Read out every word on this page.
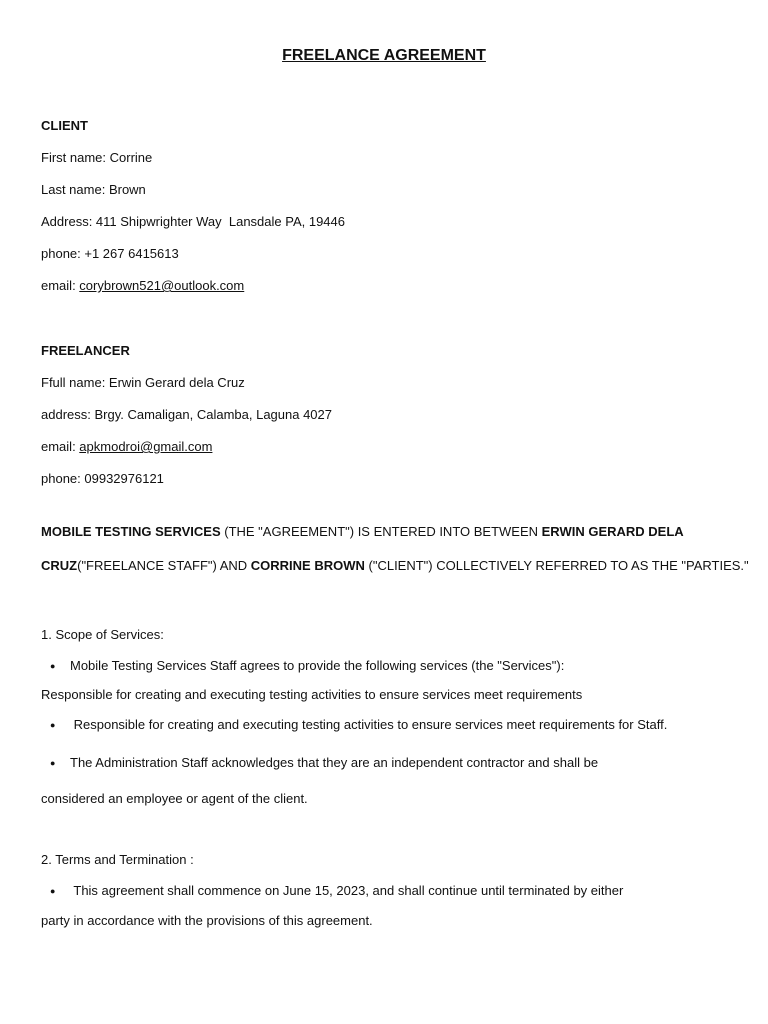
FREELANCE AGREEMENT
CLIENT
First name: Corrine
Last name: Brown
Address: 411 Shipwrighter Way  Lansdale PA, 19446
phone: +1 267 6415613
email: corybrown521@outlook.com
FREELANCER
Ffull name: Erwin Gerard dela Cruz
address: Brgy. Camaligan, Calamba, Laguna 4027
email: apkmodroi@gmail.com
phone: 09932976121
MOBILE TESTING SERVICES (THE "AGREEMENT") IS ENTERED INTO BETWEEN ERWIN GERARD DELA
CRUZ("FREELANCE STAFF") AND CORRINE BROWN ("CLIENT") COLLECTIVELY REFERRED TO AS THE "PARTIES."
1. Scope of Services:
● Mobile Testing Services Staff agrees to provide the following services (the "Services"):
Responsible for creating and executing testing activities to ensure services meet requirements
● Responsible for creating and executing testing activities to ensure services meet requirements for Staff.
● The Administration Staff acknowledges that they are an independent contractor and shall be
considered an employee or agent of the client.
2. Terms and Termination :
● This agreement shall commence on June 15, 2023, and shall continue until terminated by either
party in accordance with the provisions of this agreement.
